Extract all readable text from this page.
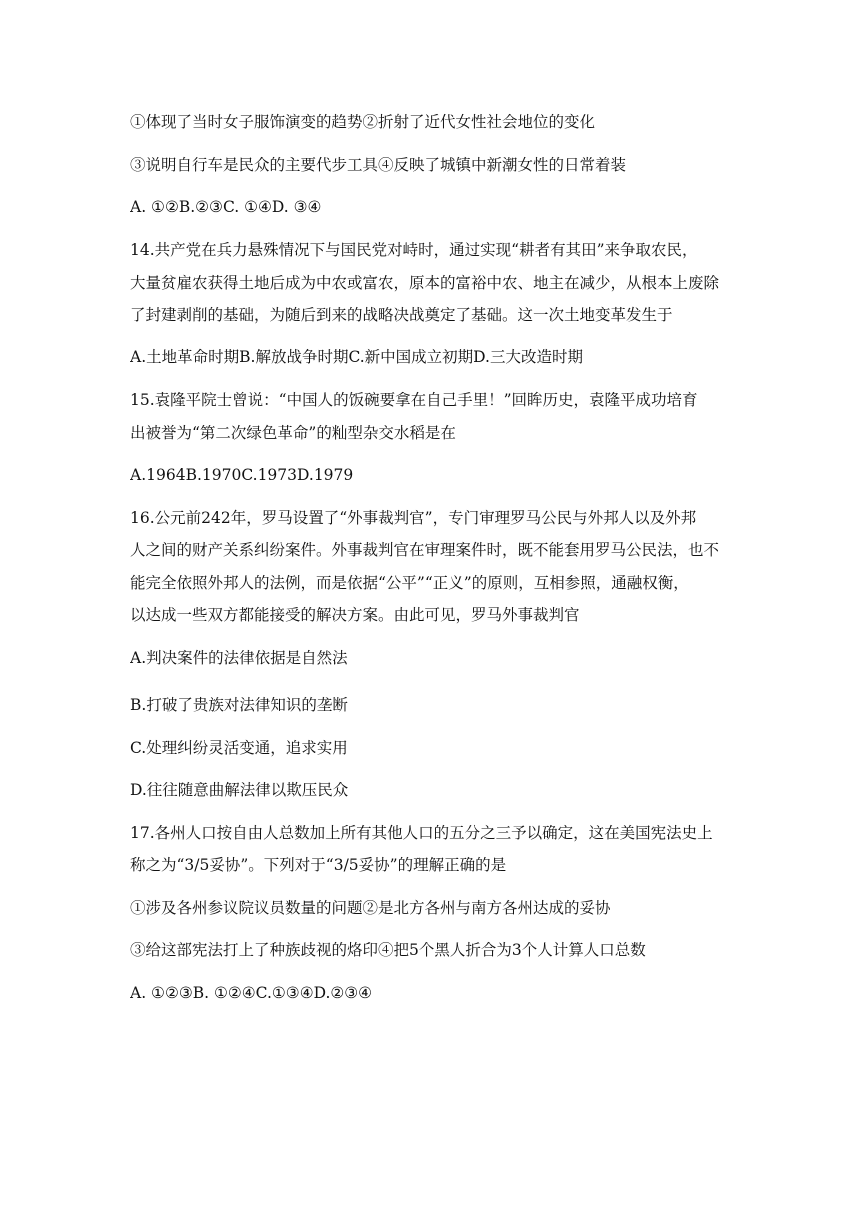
①体现了当时女子服饰演变的趋势②折射了近代女性社会地位的变化
③说明自行车是民众的主要代步工具④反映了城镇中新潮女性的日常着装
A. ①②B.②③C. ①④D. ③④
14.共产党在兵力悬殊情况下与国民党对峙时，通过实现“耕者有其田”来争取农民，
大量贫雇农获得土地后成为中农或富农，原本的富裕中农、地主在减少，从根本上废除
了封建剥削的基础，为随后到来的战略决战奠定了基础。这一次土地变革发生于
A.土地革命时期B.解放战争时期C.新中国成立初期D.三大改造时期
15.袁隆平院士曾说：“中国人的饭碗要拿在自己手里！”回眸历史，袁隆平成功培育
出被誉为“第二次绿色革命”的籼型杂交水稻是在
A.1964B.1970C.1973D.1979
16.公元前242年，罗马设置了“外事裁判官”，专门审理罗马公民与外邦人以及外邦
人之间的财产关系纠纷案件。外事裁判官在审理案件时，既不能套用罗马公民法，也不
能完全依照外邦人的法例，而是依据“公平”“正义”的原则，互相参照，通融权衡，
以达成一些双方都能接受的解决方案。由此可见，罗马外事裁判官
A.判决案件的法律依据是自然法
B.打破了贵族对法律知识的垄断
C.处理纠纷灵活变通，追求实用
D.往往随意曲解法律以欺压民众
17.各州人口按自由人总数加上所有其他人口的五分之三予以确定，这在美国宪法史上
称之为“3/5妥协”。下列对于“3/5妥协”的理解正确的是
①涉及各州参议院议员数量的问题②是北方各州与南方各州达成的妥协
③给这部宪法打上了种族歧视的烙印④把5个黑人折合为3个人计算人口总数
A. ①②③B. ①②④C.①③④D.②③④
